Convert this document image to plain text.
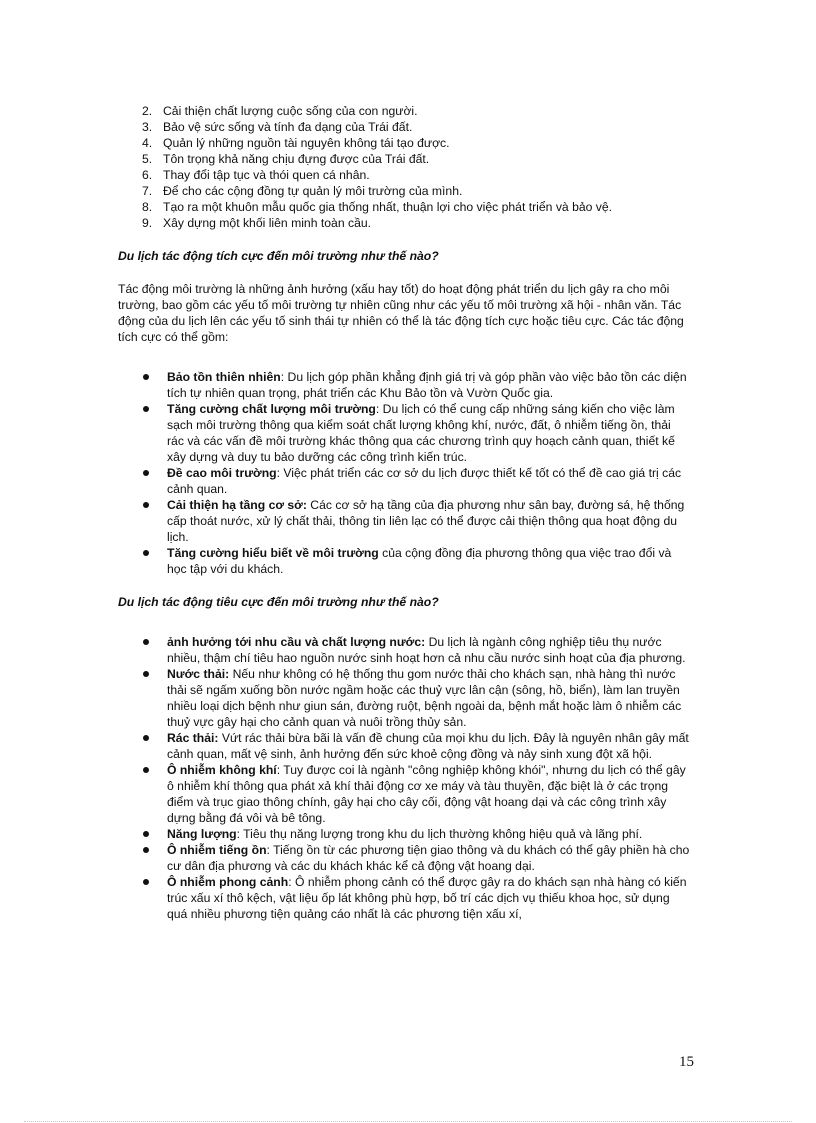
2. Cải thiện chất lượng cuộc sống của con người.
3. Bảo vệ sức sống và tính đa dạng của Trái đất.
4. Quản lý những nguồn tài nguyên không tái tạo được.
5. Tôn trọng khả năng chịu đựng được của Trái đất.
6. Thay đổi tập tục và thói quen cá nhân.
7. Để cho các cộng đồng tự quản lý môi trường của mình.
8. Tạo ra một khuôn mẫu quốc gia thống nhất, thuận lợi cho việc phát triển và bảo vệ.
9. Xây dựng một khối liên minh toàn cầu.
Du lịch tác động tích cực đến môi trường như thế nào?

Tác động môi trường là những ảnh hưởng (xấu hay tốt) do hoạt động phát triển du lịch gây ra cho môi trường, bao gồm các yếu tố môi trường tự nhiên cũng như các yếu tố môi trường xã hội - nhân văn. Tác động của du lịch lên các yếu tố sinh thái tự nhiên có thể là tác động tích cực hoặc tiêu cực. Các tác động tích cực có thể gồm:

Bảo tồn thiên nhiên: Du lịch góp phần khẳng định giá trị và góp phần vào việc bảo tồn các diện tích tự nhiên quan trọng, phát triển các Khu Bảo tồn và Vườn Quốc gia.
Tăng cường chất lượng môi trường: Du lịch có thể cung cấp những sáng kiến cho việc làm sạch môi trường thông qua kiểm soát chất lượng không khí, nước, đất, ô nhiễm tiếng ồn, thải rác và các vấn đề môi trường khác thông qua các chương trình quy hoạch cảnh quan, thiết kế xây dựng và duy tu bảo dưỡng các công trình kiến trúc.
Đề cao môi trường: Việc phát triển các cơ sở du lịch được thiết kế tốt có thể đề cao giá trị các cảnh quan.
Cải thiện hạ tầng cơ sở: Các cơ sở hạ tầng của địa phương như sân bay, đường sá, hệ thống cấp thoát nước, xử lý chất thải, thông tin liên lạc có thể được cải thiện thông qua hoạt động du lịch.
Tăng cường hiểu biết về môi trường của cộng đồng địa phương thông qua việc trao đổi và học tập với du khách.
Du lịch tác động tiêu cực đến môi trường như thế nào?
ảnh hưởng tới nhu cầu và chất lượng nước: Du lịch là ngành công nghiệp tiêu thụ nước nhiều, thậm chí tiêu hao nguồn nước sinh hoạt hơn cả nhu cầu nước sinh hoạt của địa phương.
Nước thải: Nếu như không có hệ thống thu gom nước thải cho khách sạn, nhà hàng thì nước thải sẽ ngấm xuống bồn nước ngầm hoặc các thuỷ vực lân cận (sông, hồ, biển), làm lan truyền nhiều loại dịch bệnh như giun sán, đường ruột, bệnh ngoài da, bệnh mắt hoặc làm ô nhiễm các thuỷ vực gây hại cho cảnh quan và nuôi trồng thủy sản.
Rác thải: Vứt rác thải bừa bãi là vấn đề chung của mọi khu du lịch. Đây là nguyên nhân gây mất cảnh quan, mất vệ sinh, ảnh hưởng đến sức khoẻ cộng đồng và nảy sinh xung đột xã hội.
Ô nhiễm không khí: Tuy được coi là ngành "công nghiệp không khói", nhưng du lịch có thể gây ô nhiễm khí thông qua phát xả khí thải động cơ xe máy và tàu thuyền, đặc biệt là ở các trọng điểm và trục giao thông chính, gây hại cho cây cối, động vật hoang dại và các công trình xây dựng bằng đá vôi và bê tông.
Năng lượng: Tiêu thụ năng lượng trong khu du lịch thường không hiệu quả và lãng phí.
Ô nhiễm tiếng ồn: Tiếng ồn từ các phương tiện giao thông và du khách có thể gây phiền hà cho cư dân địa phương và các du khách khác kể cả động vật hoang dại.
Ô nhiễm phong cảnh: Ô nhiễm phong cảnh có thể được gây ra do khách sạn nhà hàng có kiến trúc xấu xí thô kệch, vật liệu ốp lát không phù hợp, bố trí các dịch vụ thiếu khoa học, sử dụng quá nhiều phương tiện quảng cáo nhất là các phương tiện xấu xí,
15
